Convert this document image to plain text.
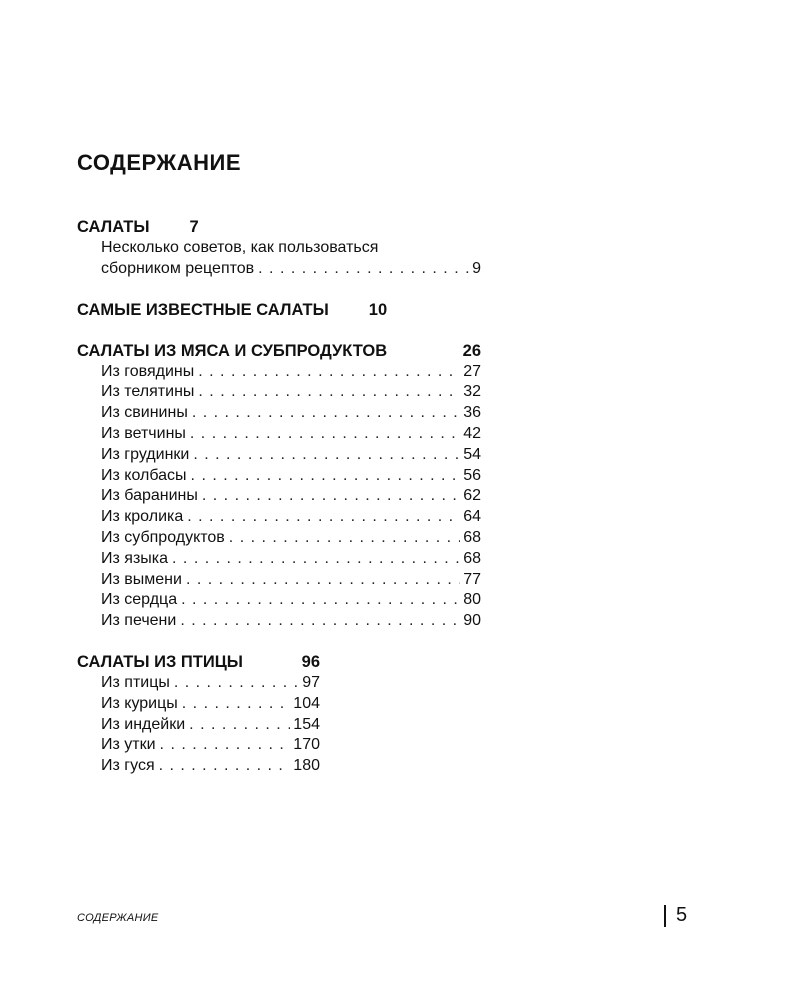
СОДЕРЖАНИЕ
САЛАТЫ 7
Несколько советов, как пользоваться
сборником рецептов . . .	9
САМЫЕ ИЗВЕСТНЫЕ САЛАТЫ 10
САЛАТЫ ИЗ МЯСА И СУБПРОДУКТОВ	26
Из говядины . . .	27
Из телятины . . .	32
Из свинины . . .	36
Из ветчины . . .	42
Из грудинки . . .	54
Из колбасы . . .	56
Из баранины . . .	62
Из кролика . . .	64
Из субпродуктов . . .	68
Из языка . . .	68
Из вымени . . .	77
Из сердца . . .	80
Из печени . . .	90
САЛАТЫ ИЗ ПТИЦЫ	96
Из птицы . . .	97
Из курицы . . .	104
Из индейки . . .	154
Из утки . . .	170
Из гуся . . .	180
СОДЕРЖАНИЕ	5
